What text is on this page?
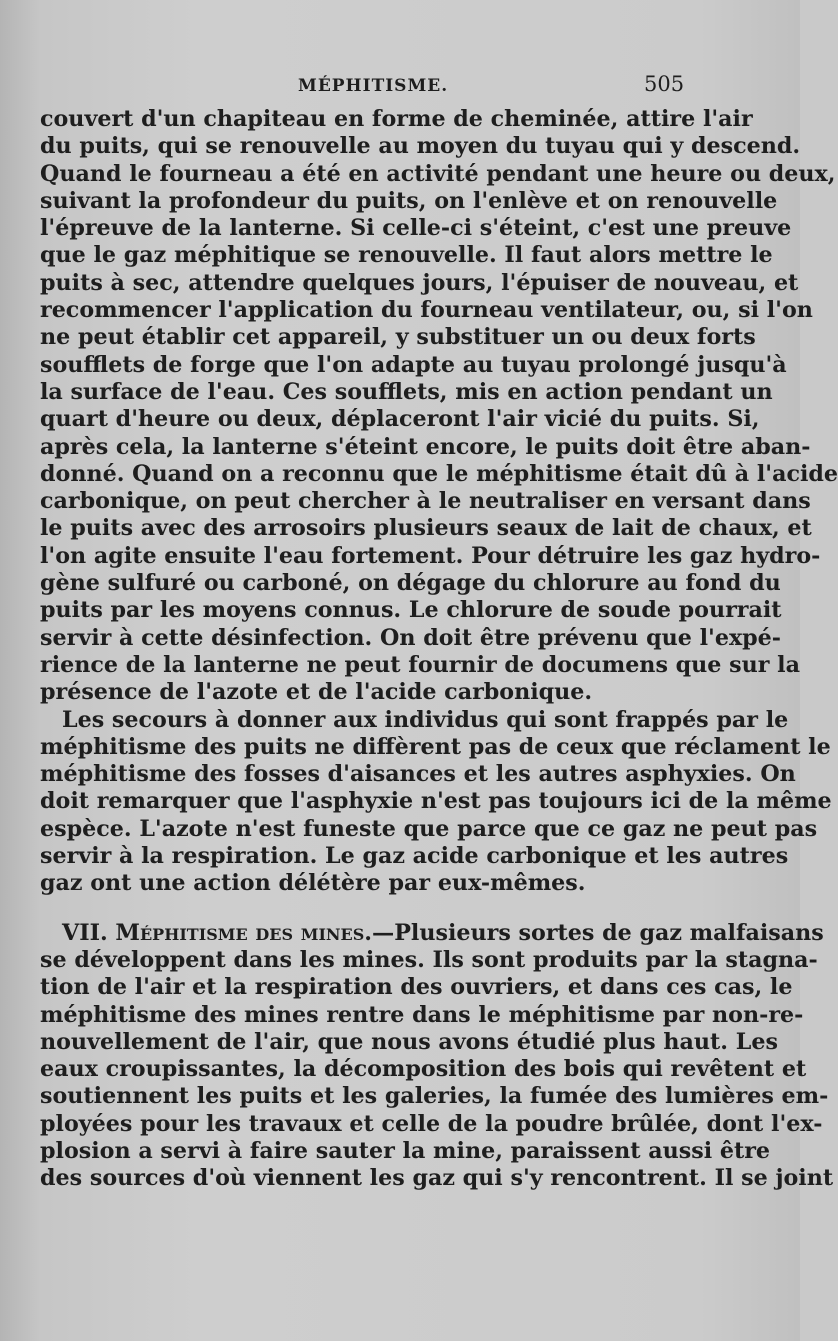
MÉPHITISME.	505
couvert d'un chapiteau en forme de cheminée, attire l'air
du puits, qui se renouvelle au moyen du tuyau qui y descend.
Quand le fourneau a été en activité pendant une heure ou deux,
suivant la profondeur du puits, on l'enlève et on renouvelle
l'épreuve de la lanterne. Si celle-ci s'éteint, c'est une preuve
que le gaz méphitique se renouvelle. Il faut alors mettre le
puits à sec, attendre quelques jours, l'épuiser de nouveau, et
recommencer l'application du fourneau ventilateur, ou, si l'on
ne peut établir cet appareil, y substituer un ou deux forts
soufflets de forge que l'on adapte au tuyau prolongé jusqu'à
la surface de l'eau. Ces soufflets, mis en action pendant un
quart d'heure ou deux, déplaceront l'air vicié du puits. Si,
après cela, la lanterne s'éteint encore, le puits doit être aban-
donné. Quand on a reconnu que le méphitisme était dû à l'acide
carbonique, on peut chercher à le neutraliser en versant dans
le puits avec des arrosoirs plusieurs seaux de lait de chaux, et
l'on agite ensuite l'eau fortement. Pour détruire les gaz hydro-
gène sulfuré ou carboné, on dégage du chlorure au fond du
puits par les moyens connus. Le chlorure de soude pourrait
servir à cette désinfection. On doit être prévenu que l'expé-
rience de la lanterne ne peut fournir de documens que sur la
présence de l'azote et de l'acide carbonique.
Les secours à donner aux individus qui sont frappés par le
méphitisme des puits ne diffèrent pas de ceux que réclament le
méphitisme des fosses d'aisances et les autres asphyxies. On
doit remarquer que l'asphyxie n'est pas toujours ici de la même
espèce. L'azote n'est funeste que parce que ce gaz ne peut pas
servir à la respiration. Le gaz acide carbonique et les autres
gaz ont une action délétère par eux-mêmes.
VII. Méphitisme des mines.—Plusieurs sortes de gaz malfaisans
se développent dans les mines. Ils sont produits par la stagna-
tion de l'air et la respiration des ouvriers, et dans ces cas, le
méphitisme des mines rentre dans le méphitisme par non-re-
nouvellement de l'air, que nous avons étudié plus haut. Les
eaux croupissantes, la décomposition des bois qui revêtent et
soutiennent les puits et les galeries, la fumée des lumières em-
ployées pour les travaux et celle de la poudre brûlée, dont l'ex-
plosion a servi à faire sauter la mine, paraissent aussi être
des sources d'où viennent les gaz qui s'y rencontrent. Il se joint
